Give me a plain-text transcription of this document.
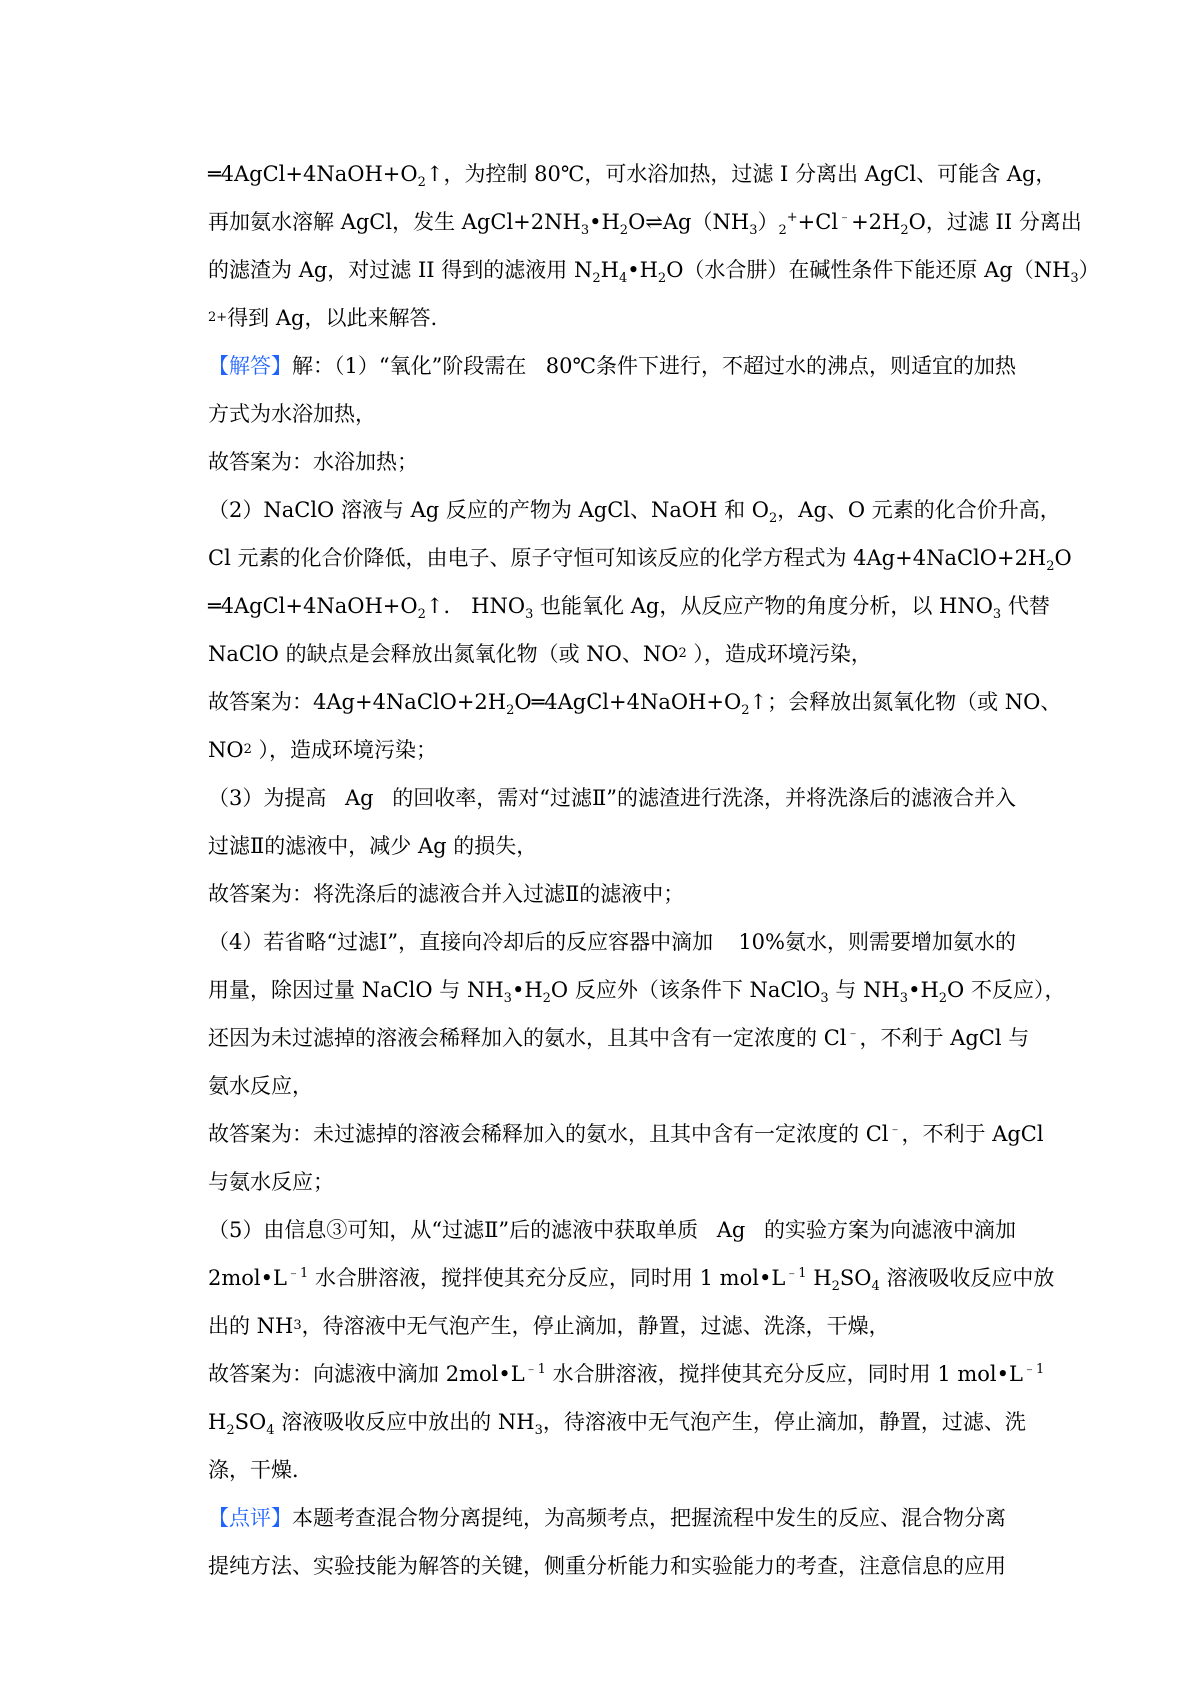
$═4AgCl+4NaOH+O_2↑$，为控制 80℃，可水浴加热，过滤 I 分离出 AgCl、可能含 Ag，
再加氨水溶解 AgCl，发生 $AgCl+2NH_3•H_2O\rightleftharpoons Ag(NH_3)_2^++Cl^﹣+2H_2O$，过滤 II 分离出
的滤渣为 Ag，对过滤 II 得到的滤液用 $N_2H_4•H_2O$（水合肼）在碱性条件下能还原 $Ag(NH_3)$
2 + 得到 Ag，以此来解答.
【解答】解：（1）“氧化”阶段需在 80℃条件下进行，不超过水的沸点，则适宜的加热
方式为水浴加热，
故答案为：水浴加热；
（2）NaClO 溶液与 Ag 反应的产物为 AgCl、NaOH 和 $O_2$，Ag、O 元素的化合价升高，
Cl 元素的化合价降低，由电子、原子守恒可知该反应的化学方程式为 $4Ag+4NaClO+2H_2O$
$═4AgCl+4NaOH+O_2↑$． $HNO_3$ 也能氧化 Ag，从反应产物的角度分析，以 $HNO_3$ 代替
NaClO 的缺点是会释放出氮氧化物（或 NO、NO 2 ），造成环境污染，
故答案为：$4Ag+4NaClO+2H_2O═4AgCl+4NaOH+O_2↑$；会释放出氮氧化物（或 NO、
NO 2 ），造成环境污染；
（3）为提高 Ag 的回收率，需对“过滤Ⅱ”的滤渣进行洗涤，并将洗涤后的滤液合并入
过滤Ⅱ的滤液中，减少 Ag 的损失，
故答案为：将洗涤后的滤液合并入过滤Ⅱ的滤液中；
（4）若省略“过滤Ⅰ”，直接向冷却后的反应容器中滴加 10%氨水，则需要增加氨水的
用量，除因过量 NaClO 与 $NH_3•H_2O$ 反应外（该条件下 NaClO$_3$ 与 $NH_3•H_2O$ 不反应），
还因为未过滤掉的溶液会稀释加入的氨水，且其中含有一定浓度的 Cl﹣，不利于 AgCl 与
氨水反应，
故答案为：未过滤掉的溶液会稀释加入的氨水，且其中含有一定浓度的 Cl﹣，不利于 AgCl
与氨水反应；
（5）由信息③可知，从“过滤Ⅱ”后的滤液中获取单质 Ag 的实验方案为向滤液中滴加
$2mol•L^{﹣1}$ 水合肼溶液，搅拌使其充分反应，同时用 1 $mol•L^{﹣1}$ $H_2SO_4$ 溶液吸收反应中放
出的 NH 3 ，待溶液中无气泡产生，停止滴加，静置，过滤、洗涤，干燥，
故答案为：向滤液中滴加 $2mol•L^{﹣1}$ 水合肼溶液，搅拌使其充分反应，同时用 1 $mol•L^{﹣1}$
$H_2SO_4$ 溶液吸收反应中放出的 $NH_3$，待溶液中无气泡产生，停止滴加，静置，过滤、洗
涤，干燥．
【点评】本题考查混合物分离提纯，为高频考点，把握流程中发生的反应、混合物分离
提纯方法、实验技能为解答的关键，侧重分析能力和实验能力的考查，注意信息的应用
